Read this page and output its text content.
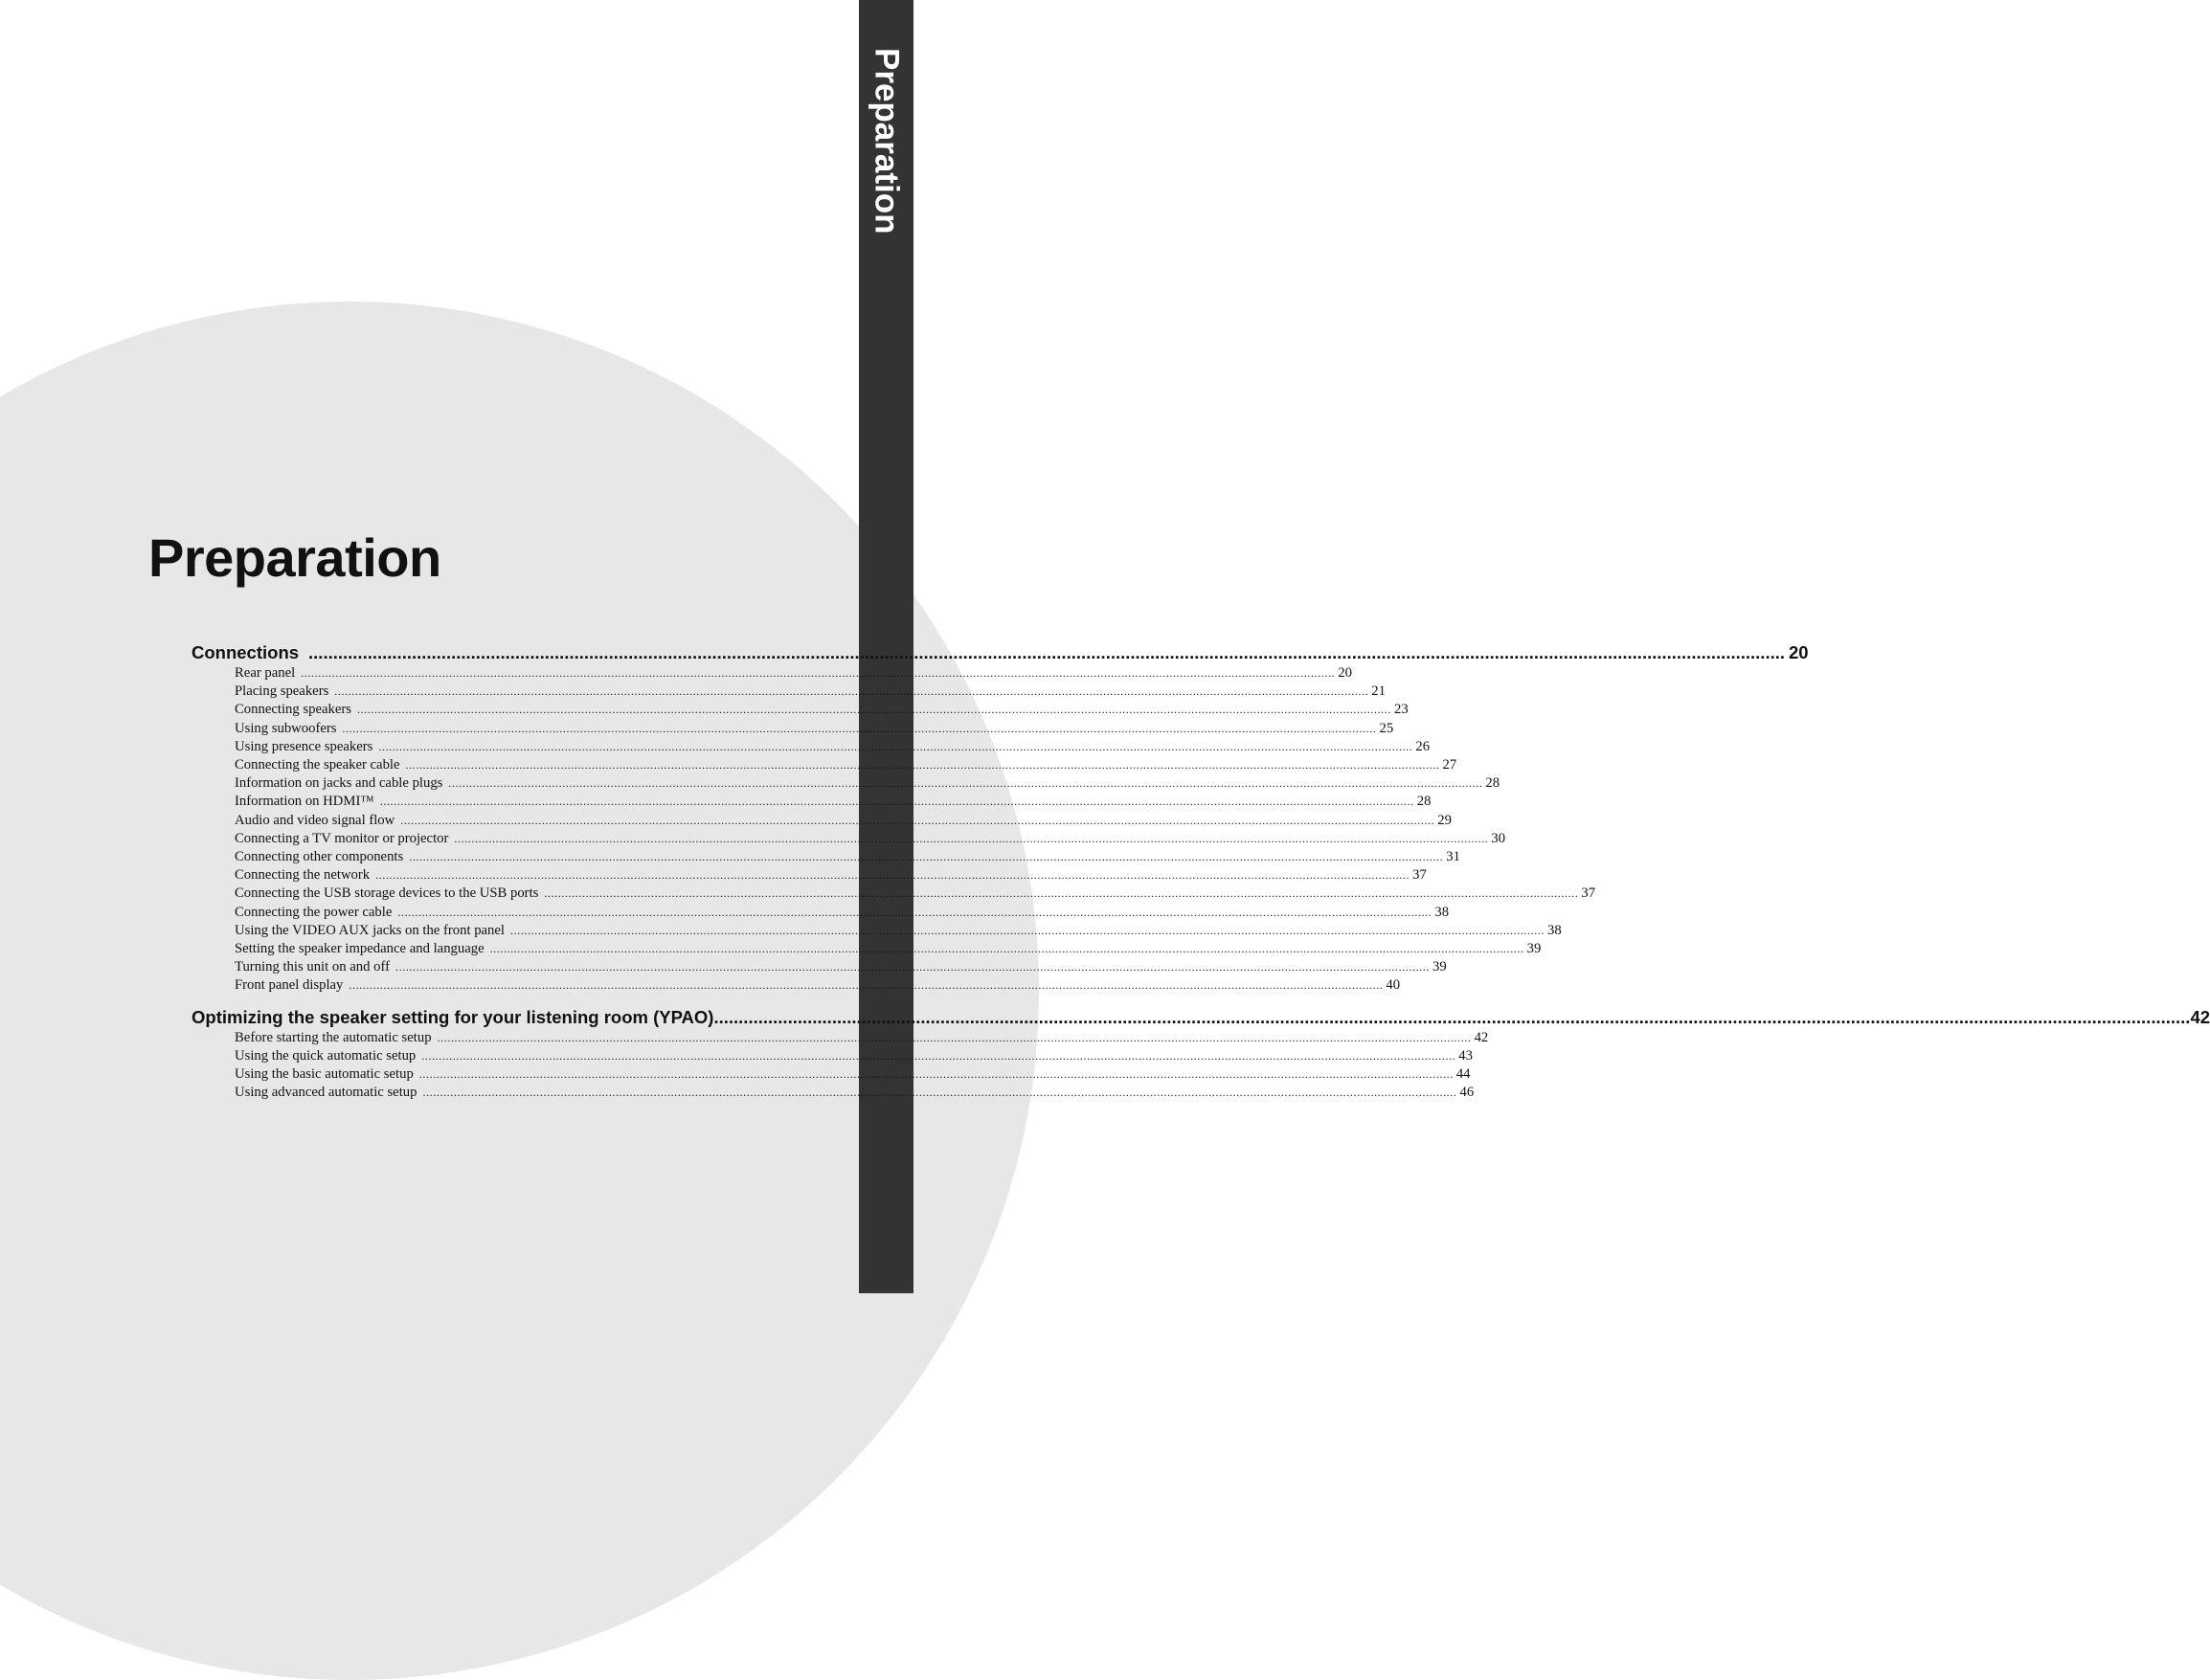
Preparation
Preparation
Connections ............................................................................................................................................................................................................................................................................................................ 20
Rear panel ............................................................................................................................................................................................................................................................................................................ 20
Placing speakers ............................................................................................................................................................................................................................................................................................................ 21
Connecting speakers ............................................................................................................................................................................................................................................................................................................ 23
Using subwoofers ............................................................................................................................................................................................................................................................................................................ 25
Using presence speakers ............................................................................................................................................................................................................................................................................................................ 26
Connecting the speaker cable ............................................................................................................................................................................................................................................................................................................ 27
Information on jacks and cable plugs ............................................................................................................................................................................................................................................................................................................ 28
Information on HDMI™ ............................................................................................................................................................................................................................................................................................................ 28
Audio and video signal flow ............................................................................................................................................................................................................................................................................................................ 29
Connecting a TV monitor or projector ............................................................................................................................................................................................................................................................................................................ 30
Connecting other components ............................................................................................................................................................................................................................................................................................................ 31
Connecting the network ............................................................................................................................................................................................................................................................................................................ 37
Connecting the USB storage devices to the USB ports ............................................................................................................................................................................................................................................................................................................ 37
Connecting the power cable ............................................................................................................................................................................................................................................................................................................ 38
Using the VIDEO AUX jacks on the front panel ............................................................................................................................................................................................................................................................................................................ 38
Setting the speaker impedance and language ............................................................................................................................................................................................................................................................................................................ 39
Turning this unit on and off ............................................................................................................................................................................................................................................................................................................ 39
Front panel display ............................................................................................................................................................................................................................................................................................................ 40
Optimizing the speaker setting for your listening room (YPAO) ............................................................................................................................................................................................................................................................................................................ 42
Before starting the automatic setup ............................................................................................................................................................................................................................................................................................................ 42
Using the quick automatic setup ............................................................................................................................................................................................................................................................................................................ 43
Using the basic automatic setup ............................................................................................................................................................................................................................................................................................................ 44
Using advanced automatic setup ............................................................................................................................................................................................................................................................................................................ 46
